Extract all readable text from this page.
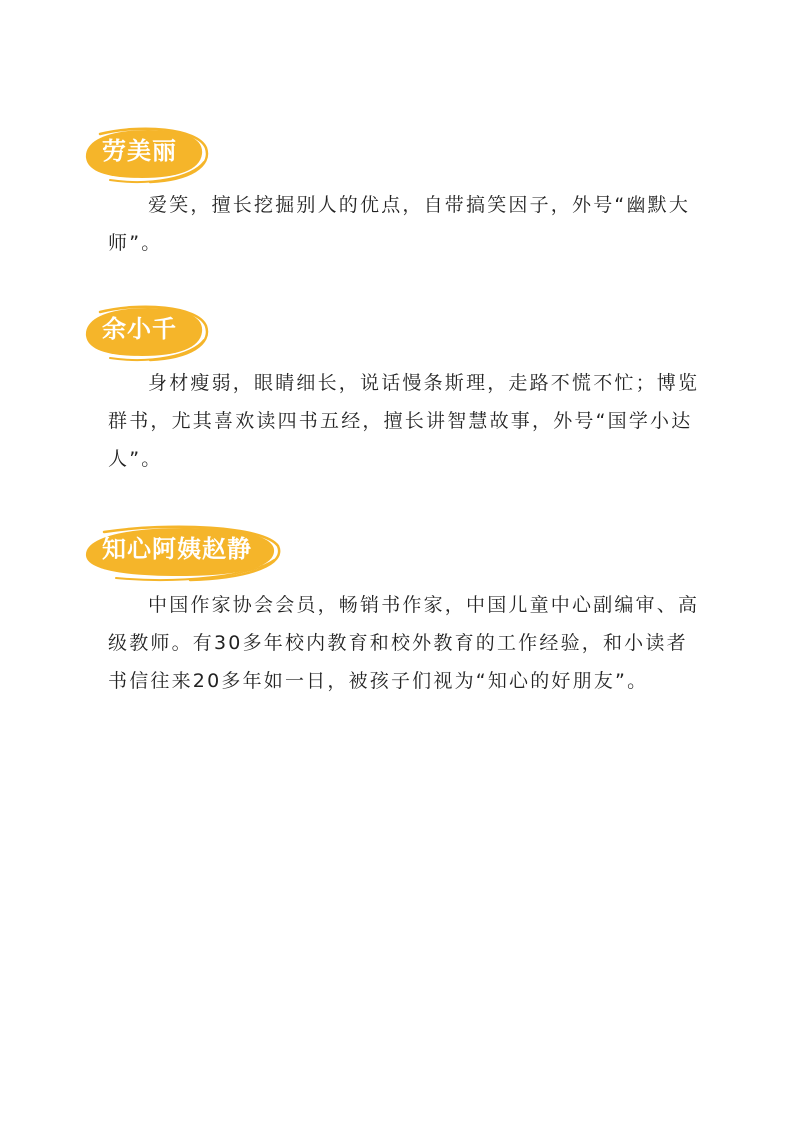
劳美丽

爱笑，擅长挖掘别人的优点，自带搞笑因子，外号“幽默大师”。

余小千

身材瘦弱，眼睛细长，说话慢条斯理，走路不慌不忙；博览群书，尤其喜欢读四书五经，擅长讲智慧故事，外号“国学小达人”。

知心阿姨赵静

中国作家协会会员，畅销书作家，中国儿童中心副编审、高级教师。有30多年校内教育和校外教育的工作经验，和小读者书信往来20多年如一日，被孩子们视为“知心的好朋友”。
